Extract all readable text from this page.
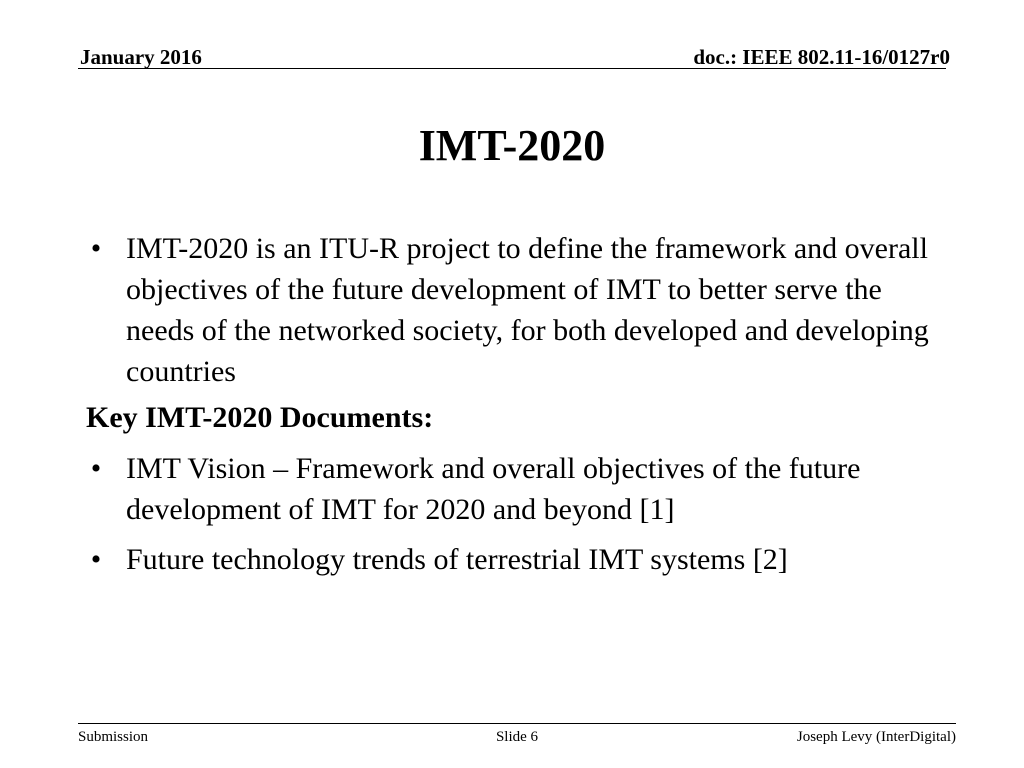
January 2016	doc.: IEEE 802.11-16/0127r0
IMT-2020
• IMT-2020 is an ITU-R project to define the framework and overall objectives of the future development of IMT to better serve the needs of the networked society, for both developed and developing countries
Key IMT-2020 Documents:
• IMT Vision – Framework and overall objectives of the future development of IMT for 2020 and beyond [1]
• Future technology trends of terrestrial IMT systems [2]
Submission	Slide 6	Joseph Levy (InterDigital)
